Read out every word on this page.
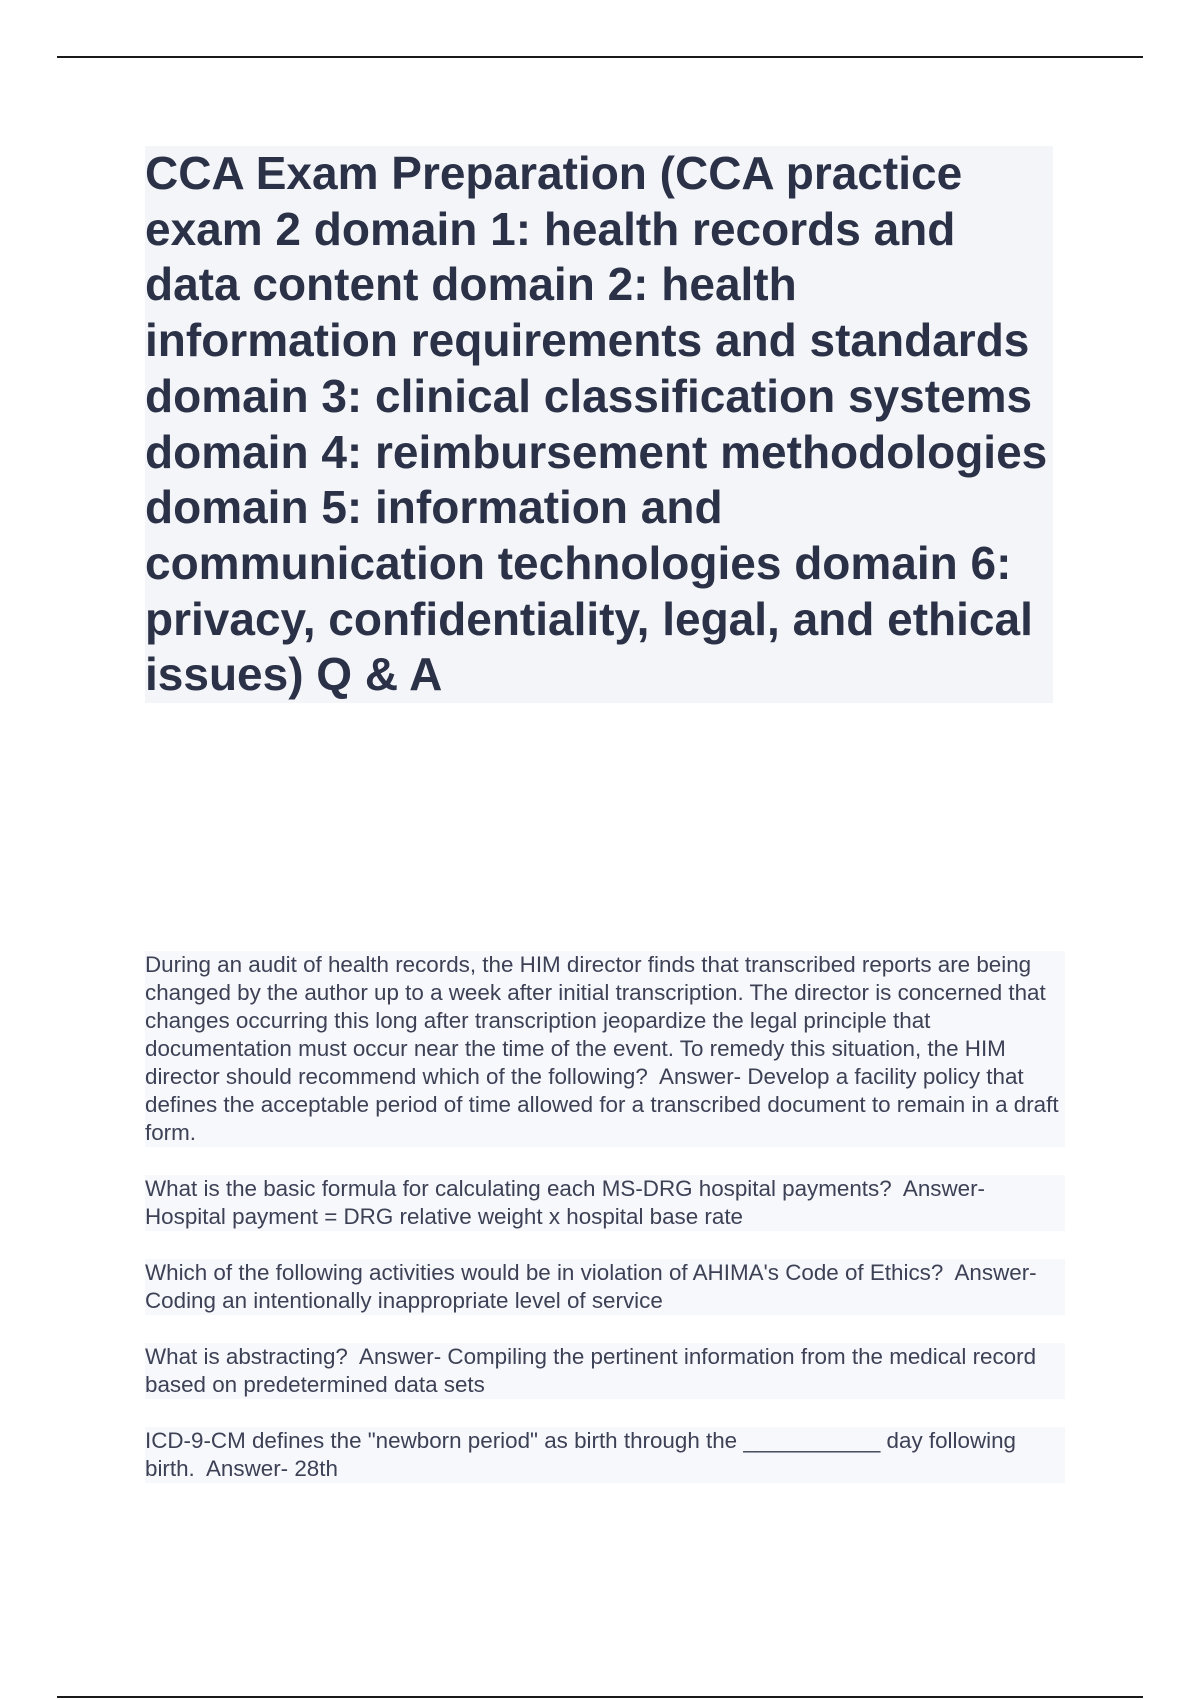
CCA Exam Preparation (CCA practice exam 2 domain 1: health records and data content domain 2: health information requirements and standards domain 3: clinical classification systems domain 4: reimbursement methodologies domain 5: information and communication technologies domain 6: privacy, confidentiality, legal, and ethical issues) Q & A
During an audit of health records, the HIM director finds that transcribed reports are being changed by the author up to a week after initial transcription. The director is concerned that changes occurring this long after transcription jeopardize the legal principle that documentation must occur near the time of the event. To remedy this situation, the HIM director should recommend which of the following?  Answer- Develop a facility policy that defines the acceptable period of time allowed for a transcribed document to remain in a draft form.
What is the basic formula for calculating each MS-DRG hospital payments?  Answer- Hospital payment = DRG relative weight x hospital base rate
Which of the following activities would be in violation of AHIMA's Code of Ethics?  Answer- Coding an intentionally inappropriate level of service
What is abstracting?  Answer- Compiling the pertinent information from the medical record based on predetermined data sets
ICD-9-CM defines the "newborn period" as birth through the ___________ day following birth.  Answer- 28th
